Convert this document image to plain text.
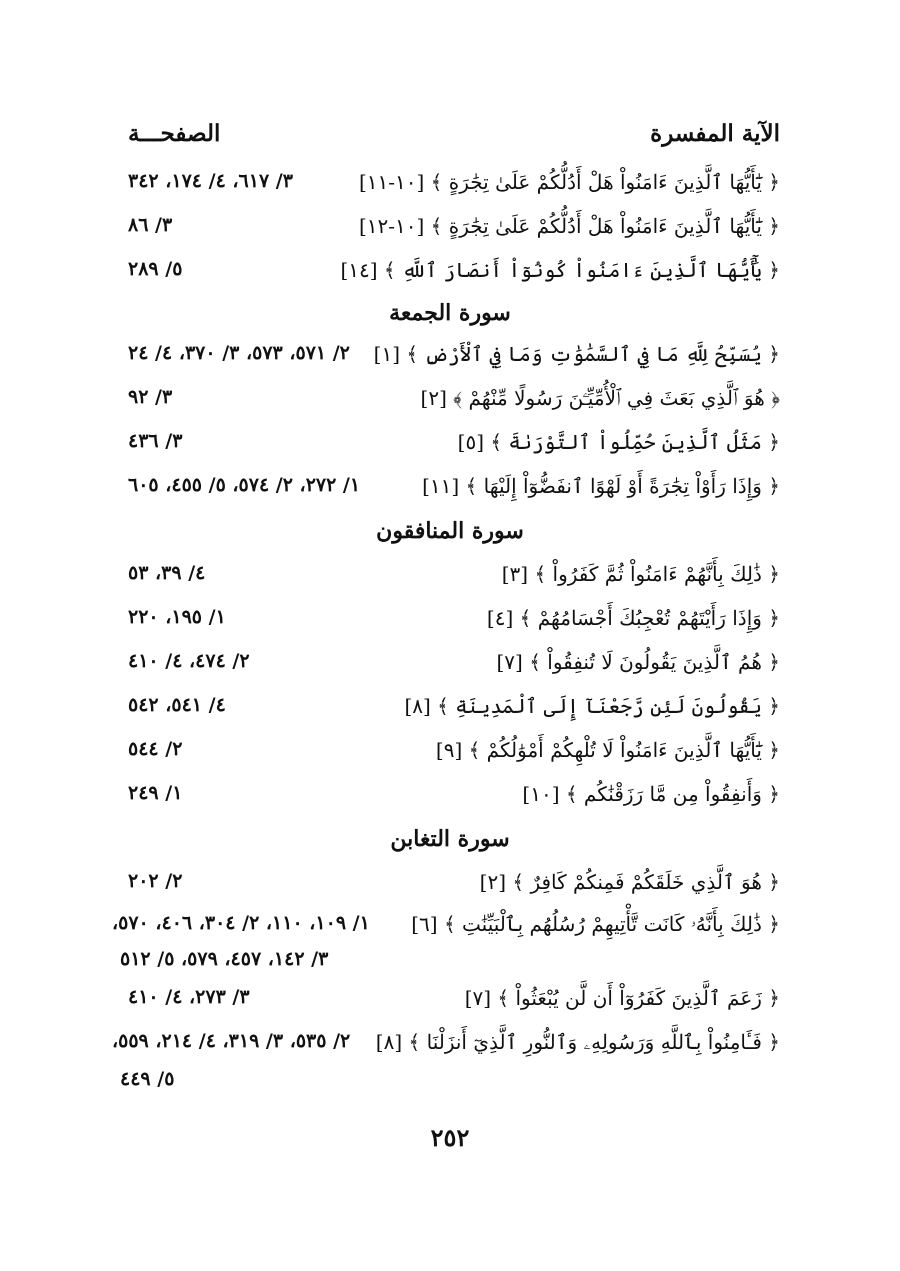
الآية المفسرة
الصفحـــة
﴿ يَٰٓأَيُّهَا ٱلَّذِينَ ءَامَنُواْ هَلْ أَدُلُّكُمْ عَلَىٰ تِجَٰرَةٍ ﴾ [١٠-١١]
٣/ ٦١٧، ٤/ ١٧٤، ٣٤٢
﴿ يَٰٓأَيُّهَا ٱلَّذِينَ ءَامَنُواْ هَلْ أَدُلُّكُمْ عَلَىٰ تِجَٰرَةٍ ﴾ [١٠-١٢]
٣/ ٨٦
﴿ يَٰٓأَيُّهَا ٱلَّذِينَ ءَامَنُواْ كُونُوٓاْ أَنصَارَ ٱللَّهِ ﴾ [١٤]
٥/ ٢٨٩
سورة الجمعة
﴿ يُسَبِّحُ لِلَّهِ مَا فِي ٱلسَّمَٰوَٰتِ وَمَا فِي ٱلْأَرْضِ ﴾ [١]
٢/ ٥٧١، ٥٧٣، ٣/ ٣٧٠، ٤/ ٢٤
﴿ هُوَ ٱلَّذِي بَعَثَ فِي ٱلْأُمِّيِّـۧنَ رَسُولًا مِّنْهُمْ ﴾ [٢]
٣/ ٩٢
﴿ مَثَلُ ٱلَّذِينَ حُمِّلُواْ ٱلتَّوْرَىٰةَ ﴾ [٥]
٣/ ٤٣٦
﴿ وَإِذَا رَأَوْاْ تِجَٰرَةً أَوْ لَهْوًا ٱنفَضُّوٓاْ إِلَيْهَا ﴾ [١١]
١/ ٢٧٢، ٢/ ٥٧٤، ٥/ ٤٥٥، ٦٠٥
سورة المنافقون
﴿ ذَٰلِكَ بِأَنَّهُمْ ءَامَنُواْ ثُمَّ كَفَرُواْ ﴾ [٣]
٤/ ٣٩، ٥٣
﴿ وَإِذَا رَأَيْتَهُمْ تُعْجِبُكَ أَجْسَامُهُمْ ﴾ [٤]
١/ ١٩٥، ٢٢٠
﴿ هُمُ ٱلَّذِينَ يَقُولُونَ لَا تُنفِقُواْ ﴾ [٧]
٢/ ٤٧٤، ٤/ ٤١٠
﴿ يَقُولُونَ لَئِن رَّجَعْنَآ إِلَى ٱلْمَدِينَةِ ﴾ [٨]
٤/ ٥٤١، ٥٤٢
﴿ يَٰٓأَيُّهَا ٱلَّذِينَ ءَامَنُواْ لَا تُلْهِكُمْ أَمْوَٰلُكُمْ ﴾ [٩]
٢/ ٥٤٤
﴿ وَأَنفِقُواْ مِن مَّا رَزَقْنَٰكُم ﴾ [١٠]
١/ ٢٤٩
سورة التغابن
﴿ هُوَ ٱلَّذِي خَلَقَكُمْ فَمِنكُمْ كَافِرٌ ﴾ [٢]
٢/ ٢٠٢
﴿ ذَٰلِكَ بِأَنَّهُۥ كَانَت تَّأْتِيهِمْ رُسُلُهُم بِٱلْبَيِّنَٰتِ ﴾ [٦]
١/ ١٠٩، ١١٠، ٢/ ٣٠٤، ٤٠٦، ٥٧٠،
٣/ ١٤٢، ٤٥٧، ٥٧٩، ٥/ ٥١٢
﴿ زَعَمَ ٱلَّذِينَ كَفَرُوٓاْ أَن لَّن يُبْعَثُواْ ﴾ [٧]
٣/ ٢٧٣، ٤/ ٤١٠
﴿ فَـَٔامِنُواْ بِٱللَّهِ وَرَسُولِهِۦ وَٱلنُّورِ ٱلَّذِيٓ أَنزَلْنَا ﴾ [٨]
٢/ ٥٣٥، ٣/ ٣١٩، ٤/ ٢١٤، ٥٥٩،
٥/ ٤٤٩
٢٥٢
